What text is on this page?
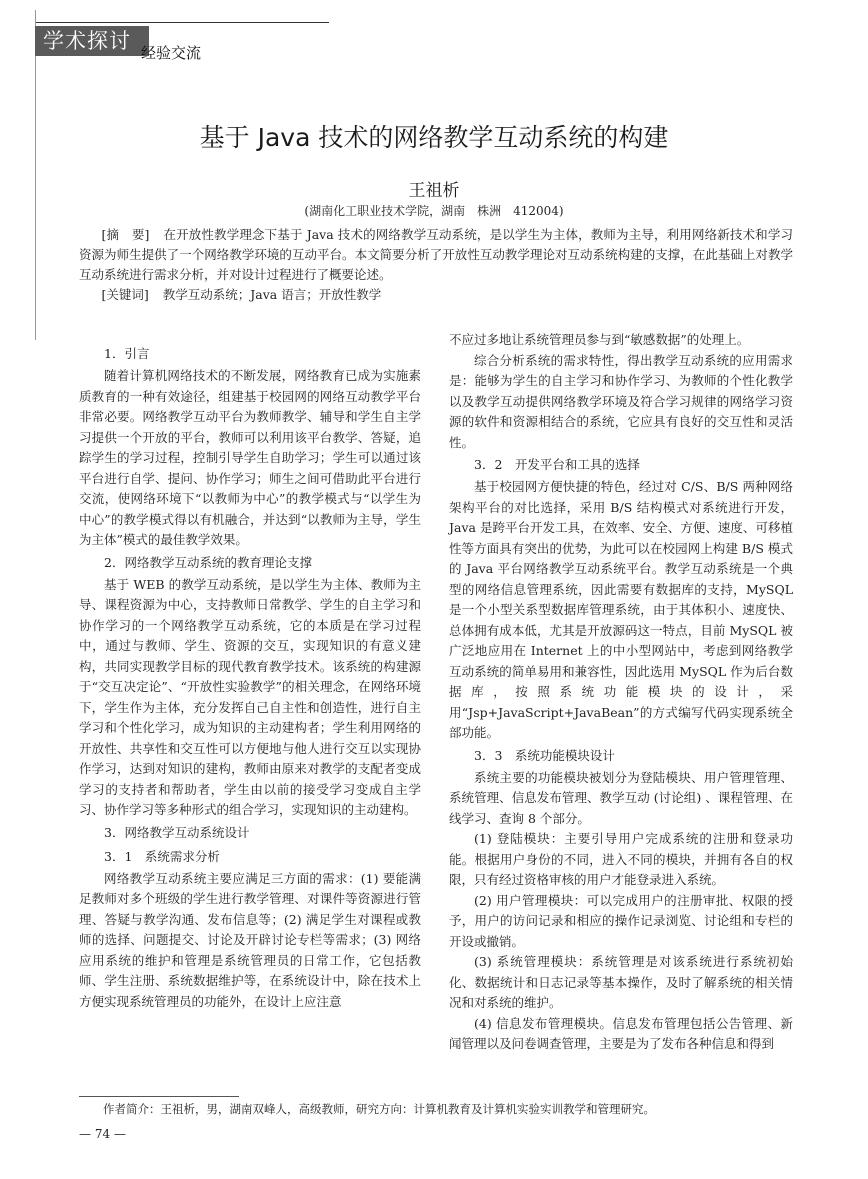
学术探讨 经验交流
基于 Java 技术的网络教学互动系统的构建
王祖析
(湖南化工职业技术学院，湖南　株洲　412004)

[摘　要] 在开放性教学理念下基于 Java 技术的网络教学互动系统，是以学生为主体，教师为主导，利用网络新技术和学习资源为师生提供了一个网络教学环境的互动平台。本文简要分析了开放性互动教学理论对互动系统构建的支撑，在此基础上对教学互动系统进行需求分析，并对设计过程进行了概要论述。

[关键词] 教学互动系统；Java 语言；开放性教学

1．引言

随着计算机网络技术的不断发展，网络教育已成为实施素质教育的一种有效途径，组建基于校园网的网络互动教学平台非常必要。网络教学互动平台为教师教学、辅导和学生自主学习提供一个开放的平台，教师可以利用该平台教学、答疑，追踪学生的学习过程，控制引导学生自助学习；学生可以通过该平台进行自学、提问、协作学习；师生之间可借助此平台进行交流，使网络环境下“以教师为中心”的教学模式与“以学生为中心”的教学模式得以有机融合，并达到“以教师为主导，学生为主体”模式的最佳教学效果。

2．网络教学互动系统的教育理论支撑

基于 WEB 的教学互动系统，是以学生为主体、教师为主导、课程资源为中心，支持教师日常教学、学生的自主学习和协作学习的一个网络教学互动系统，它的本质是在学习过程中，通过与教师、学生、资源的交互，实现知识的有意义建构，共同实现教学目标的现代教育教学技术。该系统的构建源于“交互决定论”、“开放性实验教学”的相关理念，在网络环境下，学生作为主体，充分发挥自己自主性和创造性，进行自主学习和个性化学习，成为知识的主动建构者；学生利用网络的开放性、共享性和交互性可以方便地与他人进行交互以实现协作学习，达到对知识的建构，教师由原来对教学的支配者变成学习的支持者和帮助者，学生由以前的接受学习变成自主学习、协作学习等多种形式的组合学习，实现知识的主动建构。

3．网络教学互动系统设计
3．1　系统需求分析

网络教学互动系统主要应满足三方面的需求：(1) 要能满足教师对多个班级的学生进行教学管理、对课件等资源进行管理、答疑与教学沟通、发布信息等；(2) 满足学生对课程或教师的选择、问题提交、讨论及开辟讨论专栏等需求；(3) 网络应用系统的维护和管理是系统管理员的日常工作，它包括教师、学生注册、系统数据维护等，在系统设计中，除在技术上方便实现系统管理员的功能外，在设计上应注意

不应过多地让系统管理员参与到“敏感数据”的处理上。

综合分析系统的需求特性，得出教学互动系统的应用需求是：能够为学生的自主学习和协作学习、为教师的个性化教学以及教学互动提供网络教学环境及符合学习规律的网络学习资源的软件和资源相结合的系统，它应具有良好的交互性和灵活性。

3．2　开发平台和工具的选择

基于校园网方便快捷的特色，经过对 C/S、B/S 两种网络架构平台的对比选择，采用 B/S 结构模式对系统进行开发，Java 是跨平台开发工具，在效率、安全、方便、速度、可移植性等方面具有突出的优势，为此可以在校园网上构建 B/S 模式的 Java 平台网络教学互动系统平台。教学互动系统是一个典型的网络信息管理系统，因此需要有数据库的支持，MySQL 是一个小型关系型数据库管理系统，由于其体积小、速度快、总体拥有成本低，尤其是开放源码这一特点，目前 MySQL 被广泛地应用在 Internet 上的中小型网站中，考虑到网络教学互动系统的简单易用和兼容性，因此选用 MySQL 作为后台数据库，按照系统功能模块的设计，采用“Jsp+JavaScript+JavaBean”的方式编写代码实现系统全部功能。

3．3　系统功能模块设计

系统主要的功能模块被划分为登陆模块、用户管理管理、系统管理、信息发布管理、教学互动 (讨论组) 、课程管理、在线学习、查询 8 个部分。

(1) 登陆模块：主要引导用户完成系统的注册和登录功能。根据用户身份的不同，进入不同的模块，并拥有各自的权限，只有经过资格审核的用户才能登录进入系统。

(2) 用户管理模块：可以完成用户的注册审批、权限的授予，用户的访问记录和相应的操作记录浏览、讨论组和专栏的开设或撤销。

(3) 系统管理模块：系统管理是对该系统进行系统初始化、数据统计和日志记录等基本操作，及时了解系统的相关情况和对系统的维护。

(4) 信息发布管理模块。信息发布管理包括公告管理、新闻管理以及问卷调查管理，主要是为了发布各种信息和得到

作者简介：王祖析，男，湖南双峰人，高级教师，研究方向：计算机教育及计算机实验实训教学和管理研究。
— 74 —
